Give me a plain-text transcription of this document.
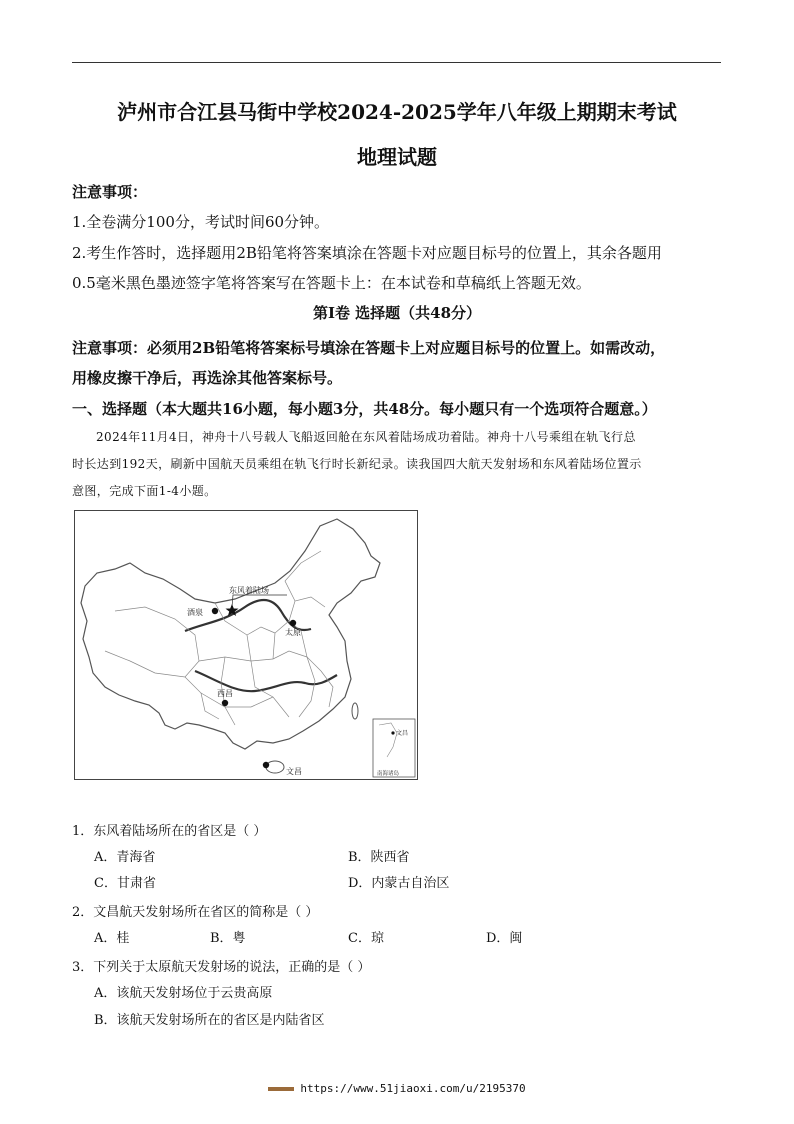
泸州市合江县马街中学校2024-2025学年八年级上期期末考试
地理试题
注意事项：
1.全卷满分100分，考试时间60分钟。
2.考生作答时，选择题用2B铅笔将答案填涂在答题卡对应题目标号的位置上，其余各题用
0.5毫米黑色墨迹签字笔将答案写在答题卡上：在本试卷和草稿纸上答题无效。
第Ⅰ卷 选择题（共48分）
注意事项：必须用2B铅笔将答案标号填涂在答题卡上对应题目标号的位置上。如需改动，
用橡皮擦干净后，再选涂其他答案标号。
一、选择题（本大题共16小题，每小题3分，共48分。每小题只有一个选项符合题意。）
2024年11月4日，神舟十八号载人飞船返回舱在东风着陆场成功着陆。神舟十八号乘组在轨飞行总
时长达到192天，刷新中国航天员乘组在轨飞行时长新纪录。读我国四大航天发射场和东风着陆场位置示
意图，完成下面1-4小题。
文昌
南海诸岛
东风着陆场
酒泉
太原
西昌
文昌
1．东风着陆场所在的省区是（ ）
A．青海省	B．陕西省
C．甘肃省	D．内蒙古自治区
2．文昌航天发射场所在省区的简称是（ ）
A．桂	B．粤	C．琼	D．闽
3．下列关于太原航天发射场的说法，正确的是（ ）
A．该航天发射场位于云贵高原
B．该航天发射场所在的省区是内陆省区
https://www.51jiaoxi.com/u/2195370
